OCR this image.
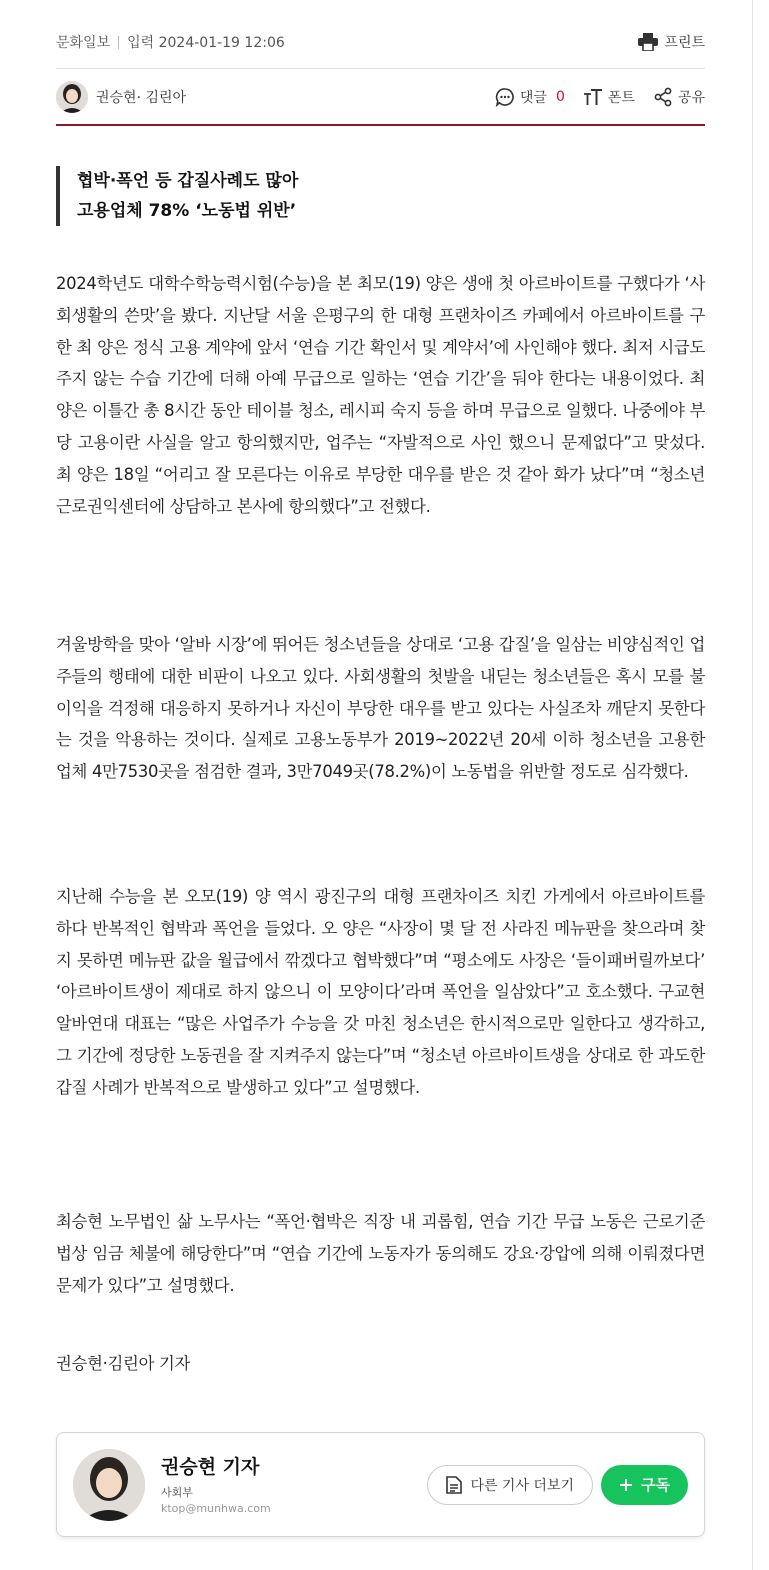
문화일보 입력 2024-01-19 12:06	프린트
권승현· 김린아	댓글 0	폰트	공유
협박·폭언 등 갑질사례도 많아
고용업체 78% ‘노동법 위반’

2024학년도 대학수학능력시험(수능)을 본 최모(19) 양은 생애 첫 아르바이트를 구했다가 ‘사회생활의 쓴맛’을 봤다. 지난달 서울 은평구의 한 대형 프랜차이즈 카페에서 아르바이트를 구한 최 양은 정식 고용 계약에 앞서 ‘연습 기간 확인서 및 계약서’에 사인해야 했다. 최저 시급도 주지 않는 수습 기간에 더해 아예 무급으로 일하는 ‘연습 기간’을 둬야 한다는 내용이었다. 최 양은 이틀간 총 8시간 동안 테이블 청소, 레시피 숙지 등을 하며 무급으로 일했다. 나중에야 부당 고용이란 사실을 알고 항의했지만, 업주는 “자발적으로 사인 했으니 문제없다”고 맞섰다. 최 양은 18일 “어리고 잘 모른다는 이유로 부당한 대우를 받은 것 같아 화가 났다”며 “청소년근로권익센터에 상담하고 본사에 항의했다”고 전했다.

겨울방학을 맞아 ‘알바 시장’에 뛰어든 청소년들을 상대로 ‘고용 갑질’을 일삼는 비양심적인 업주들의 행태에 대한 비판이 나오고 있다. 사회생활의 첫발을 내딛는 청소년들은 혹시 모를 불이익을 걱정해 대응하지 못하거나 자신이 부당한 대우를 받고 있다는 사실조차 깨닫지 못한다는 것을 악용하는 것이다. 실제로 고용노동부가 2019~2022년 20세 이하 청소년을 고용한 업체 4만7530곳을 점검한 결과, 3만7049곳(78.2%)이 노동법을 위반할 정도로 심각했다.

지난해 수능을 본 오모(19) 양 역시 광진구의 대형 프랜차이즈 치킨 가게에서 아르바이트를 하다 반복적인 협박과 폭언을 들었다. 오 양은 “사장이 몇 달 전 사라진 메뉴판을 찾으라며 찾지 못하면 메뉴판 값을 월급에서 깎겠다고 협박했다”며 “평소에도 사장은 ‘들이패버릴까보다’ ‘아르바이트생이 제대로 하지 않으니 이 모양이다’라며 폭언을 일삼았다”고 호소했다. 구교현 알바연대 대표는 “많은 사업주가 수능을 갓 마친 청소년은 한시적으로만 일한다고 생각하고, 그 기간에 정당한 노동권을 잘 지켜주지 않는다”며 “청소년 아르바이트생을 상대로 한 과도한 갑질 사례가 반복적으로 발생하고 있다”고 설명했다.

최승현 노무법인 삶 노무사는 “폭언·협박은 직장 내 괴롭힘, 연습 기간 무급 노동은 근로기준법상 임금 체불에 해당한다”며 “연습 기간에 노동자가 동의해도 강요·강압에 의해 이뤄졌다면 문제가 있다”고 설명했다.

권승현·김린아 기자

권승현 기자
사회부
ktop@munhwa.com
다른 기사 더보기	구독
